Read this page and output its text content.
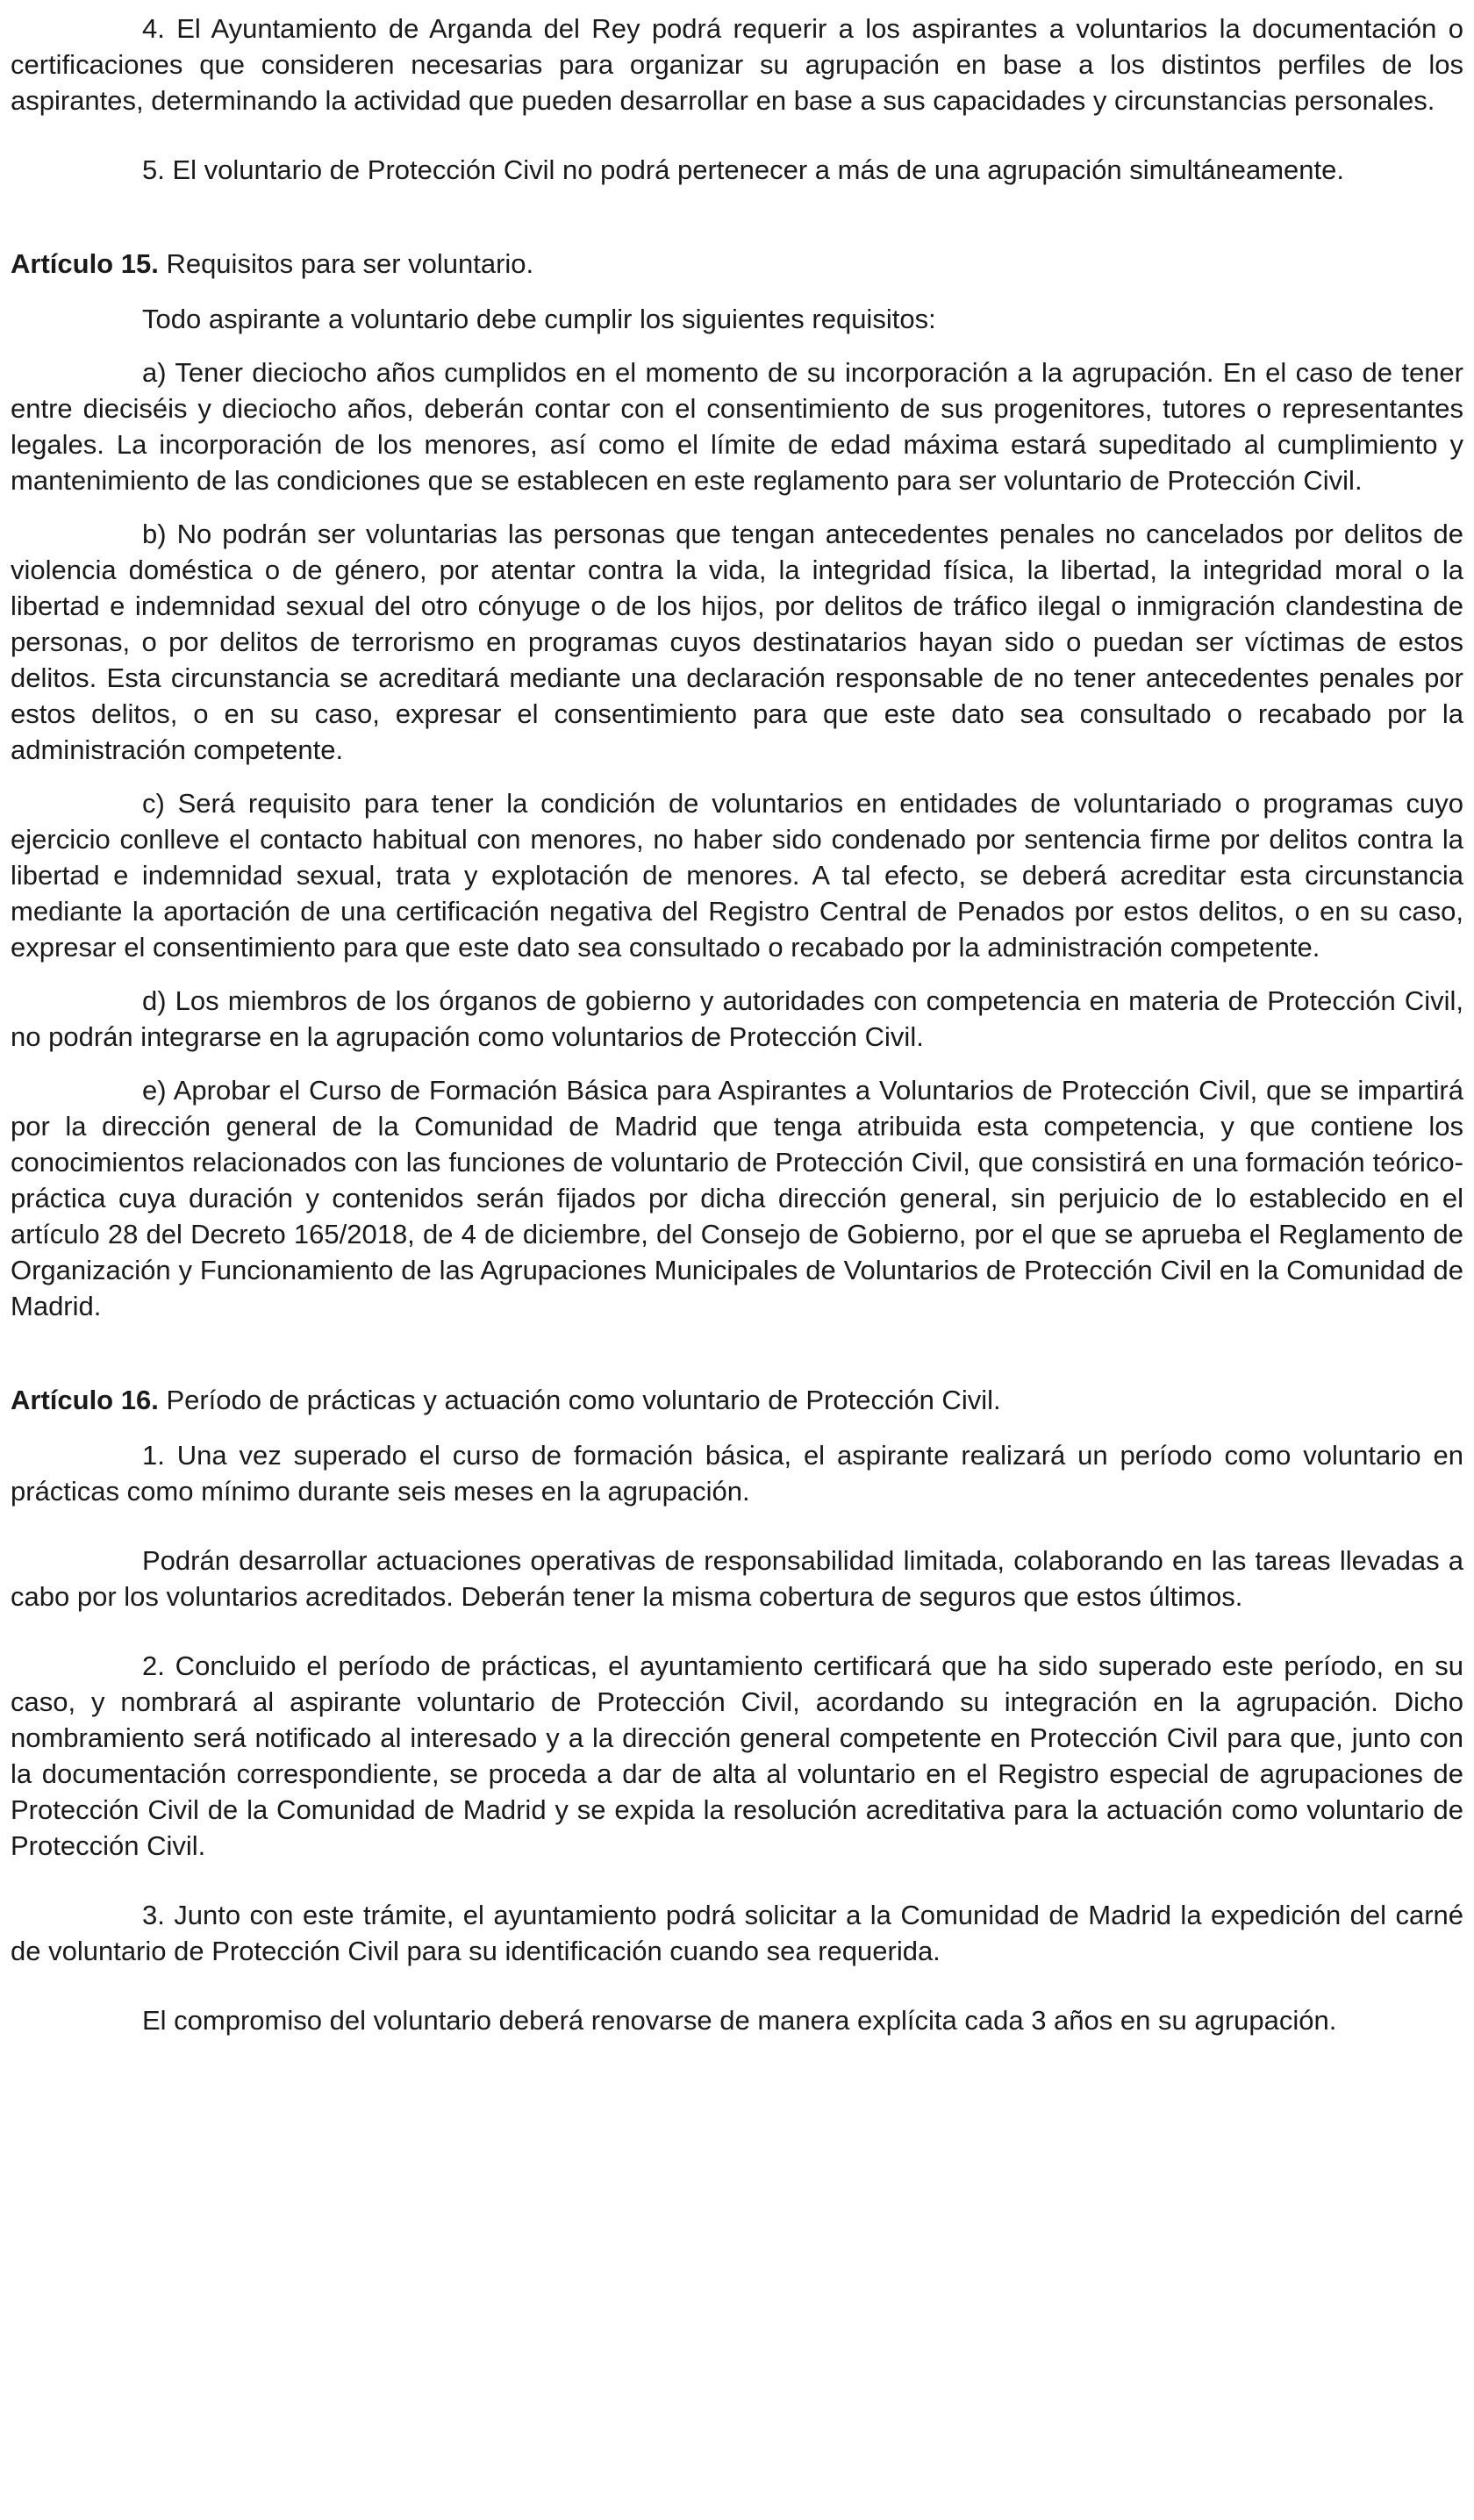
4. El Ayuntamiento de Arganda del Rey podrá requerir a los aspirantes a voluntarios la documentación o certificaciones que consideren necesarias para organizar su agrupación en base a los distintos perfiles de los aspirantes, determinando la actividad que pueden desarrollar en base a sus capacidades y circunstancias personales.

5. El voluntario de Protección Civil no podrá pertenecer a más de una agrupación simultáneamente.

Artículo 15. Requisitos para ser voluntario.

Todo aspirante a voluntario debe cumplir los siguientes requisitos:

a) Tener dieciocho años cumplidos en el momento de su incorporación a la agrupación. En el caso de tener entre dieciséis y dieciocho años, deberán contar con el consentimiento de sus progenitores, tutores o representantes legales. La incorporación de los menores, así como el límite de edad máxima estará supeditado al cumplimiento y mantenimiento de las condiciones que se establecen en este reglamento para ser voluntario de Protección Civil.

b) No podrán ser voluntarias las personas que tengan antecedentes penales no cancelados por delitos de violencia doméstica o de género, por atentar contra la vida, la integridad física, la libertad, la integridad moral o la libertad e indemnidad sexual del otro cónyuge o de los hijos, por delitos de tráfico ilegal o inmigración clandestina de personas, o por delitos de terrorismo en programas cuyos destinatarios hayan sido o puedan ser víctimas de estos delitos. Esta circunstancia se acreditará mediante una declaración responsable de no tener antecedentes penales por estos delitos, o en su caso, expresar el consentimiento para que este dato sea consultado o recabado por la administración competente.

c) Será requisito para tener la condición de voluntarios en entidades de voluntariado o programas cuyo ejercicio conlleve el contacto habitual con menores, no haber sido condenado por sentencia firme por delitos contra la libertad e indemnidad sexual, trata y explotación de menores. A tal efecto, se deberá acreditar esta circunstancia mediante la aportación de una certificación negativa del Registro Central de Penados por estos delitos, o en su caso, expresar el consentimiento para que este dato sea consultado o recabado por la administración competente.

d) Los miembros de los órganos de gobierno y autoridades con competencia en materia de Protección Civil, no podrán integrarse en la agrupación como voluntarios de Protección Civil.

e) Aprobar el Curso de Formación Básica para Aspirantes a Voluntarios de Protección Civil, que se impartirá por la dirección general de la Comunidad de Madrid que tenga atribuida esta competencia, y que contiene los conocimientos relacionados con las funciones de voluntario de Protección Civil, que consistirá en una formación teórico-práctica cuya duración y contenidos serán fijados por dicha dirección general, sin perjuicio de lo establecido en el artículo 28 del Decreto 165/2018, de 4 de diciembre, del Consejo de Gobierno, por el que se aprueba el Reglamento de Organización y Funcionamiento de las Agrupaciones Municipales de Voluntarios de Protección Civil en la Comunidad de Madrid.

Artículo 16. Período de prácticas y actuación como voluntario de Protección Civil.

1. Una vez superado el curso de formación básica, el aspirante realizará un período como voluntario en prácticas como mínimo durante seis meses en la agrupación.

Podrán desarrollar actuaciones operativas de responsabilidad limitada, colaborando en las tareas llevadas a cabo por los voluntarios acreditados. Deberán tener la misma cobertura de seguros que estos últimos.

2. Concluido el período de prácticas, el ayuntamiento certificará que ha sido superado este período, en su caso, y nombrará al aspirante voluntario de Protección Civil, acordando su integración en la agrupación. Dicho nombramiento será notificado al interesado y a la dirección general competente en Protección Civil para que, junto con la documentación correspondiente, se proceda a dar de alta al voluntario en el Registro especial de agrupaciones de Protección Civil de la Comunidad de Madrid y se expida la resolución acreditativa para la actuación como voluntario de Protección Civil.

3. Junto con este trámite, el ayuntamiento podrá solicitar a la Comunidad de Madrid la expedición del carné de voluntario de Protección Civil para su identificación cuando sea requerida.

El compromiso del voluntario deberá renovarse de manera explícita cada 3 años en su agrupación.
